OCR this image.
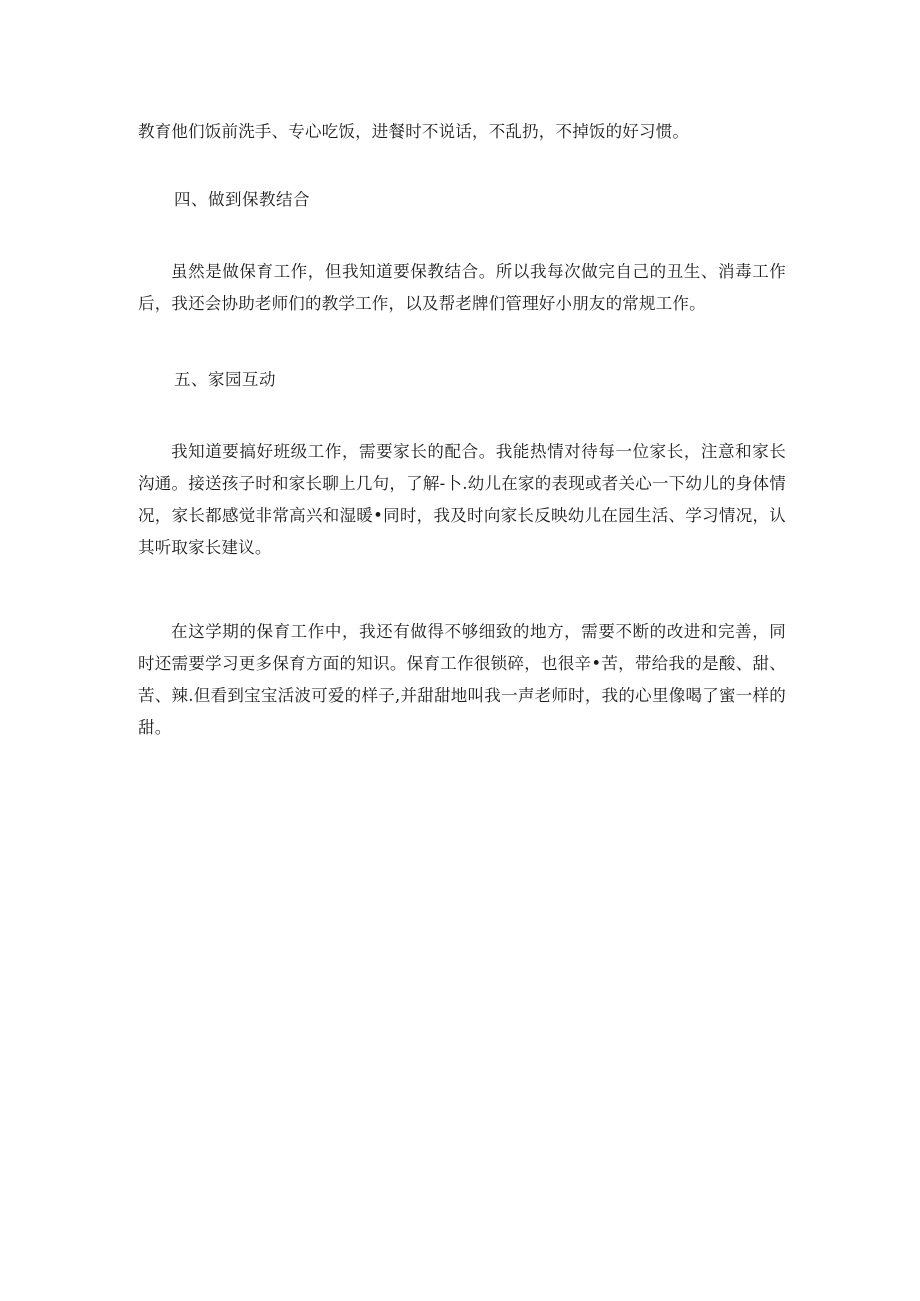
教育他们饭前洗手、专心吃饭，进餐时不说话，不乱扔，不掉饭的好习惯。

四、做到保教结合

虽然是做保育工作，但我知道要保教结合。所以我每次做完自己的丑生、消毒工作后，我还会协助老师们的教学工作，以及帮老牌们管理好小朋友的常规工作。

五、家园互动

我知道要搞好班级工作，需要家长的配合。我能热情对待每一位家长，注意和家长沟通。接送孩子时和家长聊上几句，了解-卜.幼儿在家的表现或者关心一下幼儿的身体情况，家长都感觉非常高兴和湿暖•同时，我及时向家长反映幼儿在园生活、学习情况，认其听取家长建议。

在这学期的保育工作中，我还有做得不够细致的地方，需要不断的改进和完善，同时还需要学习更多保育方面的知识。保育工作很锁碎，也很辛•苦，带给我的是酸、甜、苦、辣.但看到宝宝活波可爱的样子,并甜甜地叫我一声老师时，我的心里像喝了蜜一样的甜。
